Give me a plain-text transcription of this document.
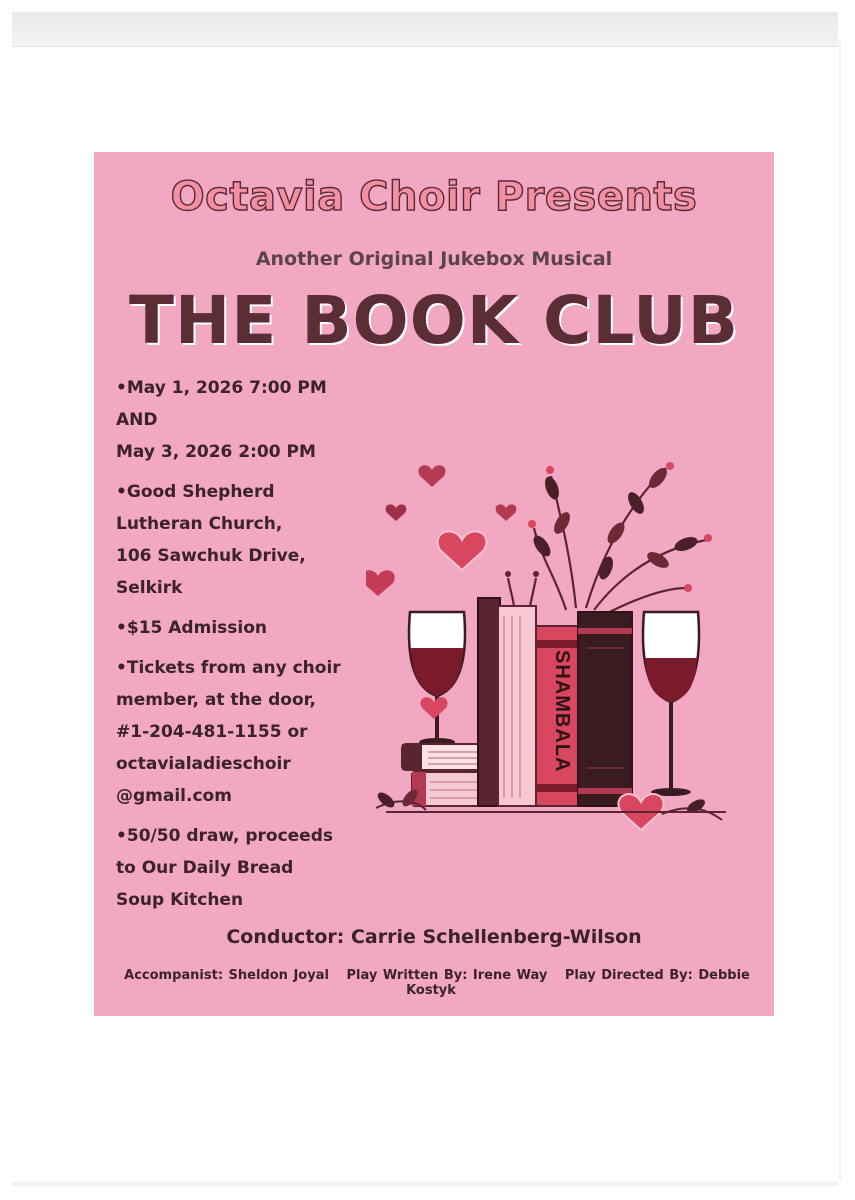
Octavia Choir Presents
Another Original Jukebox Musical
THE BOOK CLUB
• May 1, 2026 7:00 PM
AND
May 3, 2026 2:00 PM
• Good Shepherd
Lutheran Church,
106 Sawchuk Drive,
Selkirk
• $15 Admission
• Tickets from any choir
member, at the door,
#1-204-481-1155 or
octavialadieschoir
@gmail.com
• 50/50 draw, proceeds
to Our Daily Bread
Soup Kitchen
SHAMBALA
Conductor: Carrie Schellenberg-Wilson
Accompanist: Sheldon Joyal Play Written By: Irene Way Play Directed By: Debbie Kostyk
